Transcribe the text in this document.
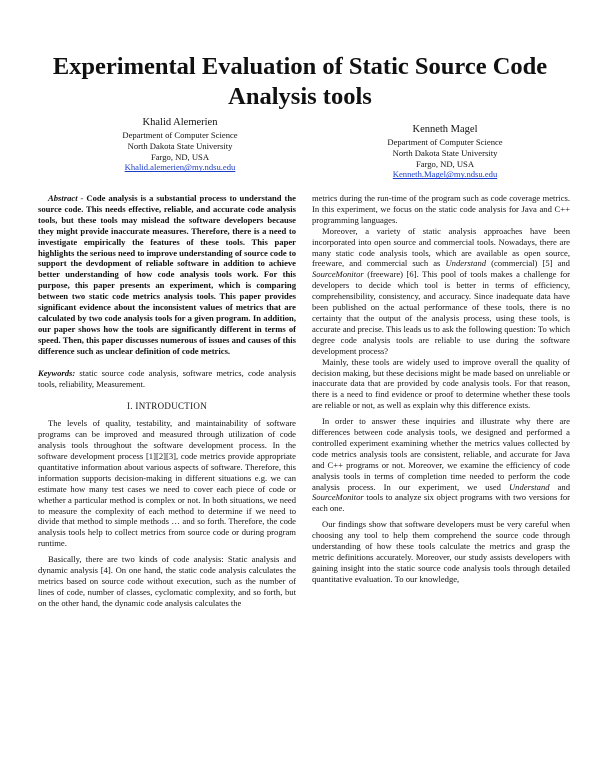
Experimental Evaluation of Static Source Code Analysis tools
Khalid Alemerien
Department of Computer Science
North Dakota State University
Fargo, ND, USA
Khalid.alemerien@my.ndsu.edu
Kenneth Magel
Department of Computer Science
North Dakota State University
Fargo, ND, USA
Kenneth.Magel@my.ndsu.edu

Abstract - Code analysis is a substantial process to understand the source code. This needs effective, reliable, and accurate code analysis tools, but these tools may mislead the software developers because they might provide inaccurate measures. Therefore, there is a need to investigate empirically the features of these tools. This paper highlights the serious need to improve understanding of source code to support the devdopment of reliable software in addition to achieve better understanding of how code analysis tools work. For this purpose, this paper presents an experiment, which is comparing between two static code metrics analysis tools. This paper provides significant evidence about the inconsistent values of metrics that are calculated by two code analysis tools for a given program. In addition, our paper shows how the tools are significantly different in terms of speed. Then, this paper discusses numerous of issues and causes of this difference such as unclear definition of code metrics.

Keywords: static source code analysis, software metrics, code analysis tools, reliability, Measurement.

I. INTRODUCTION

The levels of quality, testability, and maintainability of software programs can be improved and measured through utilization of code analysis tools throughout the software development process. In the software development process [1][2][3], code metrics provide appropriate quantitative information about various aspects of software. Therefore, this information supports decision-making in different situations e.g. we can estimate how many test cases we need to cover each piece of code or whether a particular method is complex or not. In both situations, we need to measure the complexity of each method to determine if we need to divide that method to simple methods … and so forth. Therefore, the code analysis tools help to collect metrics from source code or during program runtime.

Basically, there are two kinds of code analysis: Static analysis and dynamic analysis [4]. On one hand, the static code analysis calculates the metrics based on source code without execution, such as the number of lines of code, number of classes, cyclomatic complexity, and so forth, but on the other hand, the dynamic code analysis calculates the

metrics during the run-time of the program such as code coverage metrics. In this experiment, we focus on the static code analysis for Java and C++ programming languages.

Moreover, a variety of static analysis approaches have been incorporated into open source and commercial tools. Nowadays, there are many static code analysis tools, which are available as open source, freeware, and commercial such as Understand (commercial) [5] and SourceMonitor (freeware) [6]. This pool of tools makes a challenge for developers to decide which tool is better in terms of efficiency, comprehensibility, consistency, and accuracy. Since inadequate data have been published on the actual performance of these tools, there is no certainty that the output of the analysis process, using these tools, is accurate and precise. This leads us to ask the following question: To which degree code analysis tools are reliable to use during the software development process?

Mainly, these tools are widely used to improve overall the quality of decision making, but these decisions might be made based on unreliable or inaccurate data that are provided by code analysis tools. For that reason, there is a need to find evidence or proof to determine whether these tools are reliable or not, as well as explain why this difference exists.

In order to answer these inquiries and illustrate why there are differences between code analysis tools, we designed and performed a controlled experiment examining whether the metrics values collected by code metrics analysis tools are consistent, reliable, and accurate for Java and C++ programs or not. Moreover, we examine the efficiency of code analysis tools in terms of completion time needed to perform the code analysis process. In our experiment, we used Understand and SourceMonitor tools to analyze six object programs with two versions for each one.

Our findings show that software developers must be very careful when choosing any tool to help them comprehend the source code through understanding of how these tools calculate the metrics and grasp the metric definitions accurately. Moreover, our study assists developers with gaining insight into the static source code analysis tools through detailed quantitative evaluation. To our knowledge,
